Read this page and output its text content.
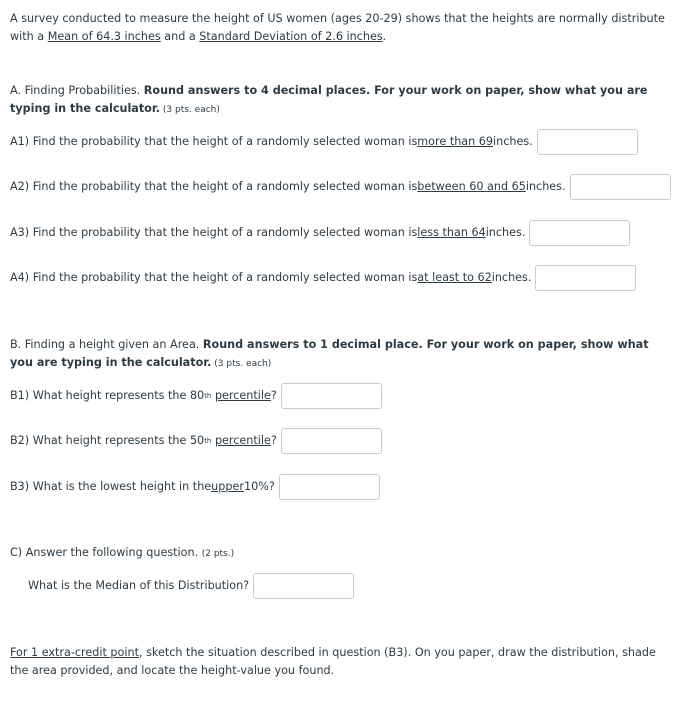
A survey conducted to measure the height of US women (ages 20-29) shows that the heights are normally distribute with a Mean of 64.3 inches and a Standard Deviation of 2.6 inches.
A. Finding Probabilities. Round answers to 4 decimal places. For your work on paper, show what you are typing in the calculator. (3 pts. each)
A1) Find the probability that the height of a randomly selected woman is more than 69 inches.
A2) Find the probability that the height of a randomly selected woman is between 60 and 65 inches.
A3) Find the probability that the height of a randomly selected woman is less than 64 inches.
A4) Find the probability that the height of a randomly selected woman is at least to 62 inches.
B. Finding a height given an Area. Round answers to 1 decimal place. For your work on paper, show what you are typing in the calculator. (3 pts. each)
B1) What height represents the 80 th
percentile ?
B2) What height represents the 50 th
percentile ?
B3) What is the lowest height in the upper 10%?
C) Answer the following question. (2 pts.)
What is the Median of this Distribution?
For 1 extra-credit point, sketch the situation described in question (B3). On you paper, draw the distribution, shade the area provided, and locate the height-value you found.
